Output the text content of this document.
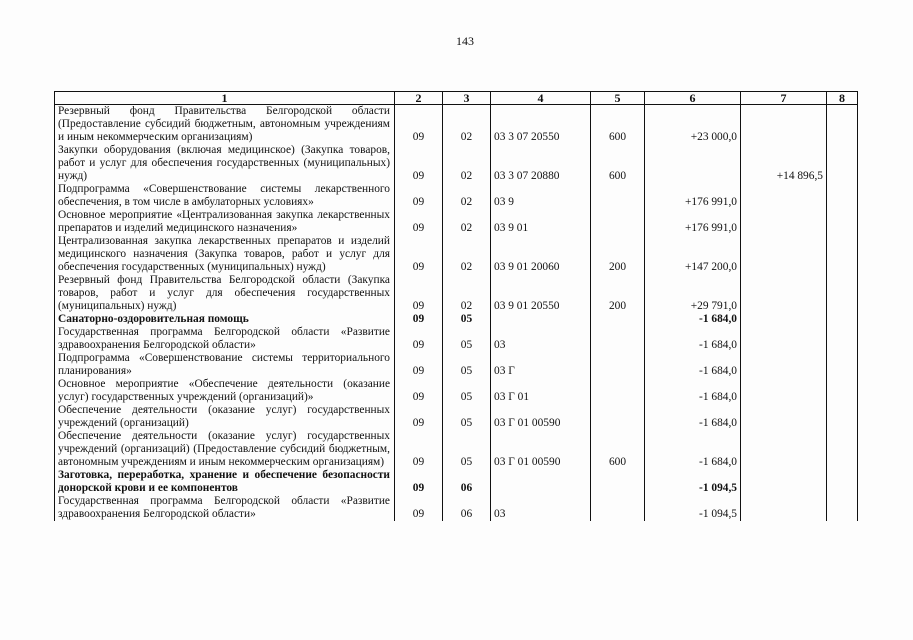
143
1	2	3	4	5	6	7	8
Резервный фонд Правительства Белгородской области (Предоставление субсидий бюджетным, автономным учреждениям и иным некоммерческим организациям)	09	02	03 3 07 20550	600	+23 000,0		
Закупки оборудования (включая медицинское) (Закупка товаров, работ и услуг для обеспечения государственных (муниципальных) нужд)	09	02	03 3 07 20880	600		+14 896,5	
Подпрограмма «Совершенствование системы лекарственного обеспечения, в том числе в амбулаторных условиях»	09	02	03 9		+176 991,0		
Основное мероприятие «Централизованная закупка лекарственных препаратов и изделий медицинского назначения»	09	02	03 9 01		+176 991,0		
Централизованная закупка лекарственных препаратов и изделий медицинского назначения (Закупка товаров, работ и услуг для обеспечения государственных (муниципальных) нужд)	09	02	03 9 01 20060	200	+147 200,0		
Резервный фонд Правительства Белгородской области (Закупка товаров, работ и услуг для обеспечения государственных (муниципальных) нужд)	09	02	03 9 01 20550	200	+29 791,0		
Санаторно-оздоровительная помощь	09	05			-1 684,0		
Государственная программа Белгородской области «Развитие здравоохранения Белгородской области»	09	05	03		-1 684,0		
Подпрограмма «Совершенствование системы территориального планирования»	09	05	03 Г		-1 684,0		
Основное мероприятие «Обеспечение деятельности (оказание услуг) государственных учреждений (организаций)»	09	05	03 Г 01		-1 684,0		
Обеспечение деятельности (оказание услуг) государственных учреждений (организаций)	09	05	03 Г 01 00590		-1 684,0		
Обеспечение деятельности (оказание услуг) государственных учреждений (организаций) (Предоставление субсидий бюджетным, автономным учреждениям и иным некоммерческим организациям)	09	05	03 Г 01 00590	600	-1 684,0		
Заготовка, переработка, хранение и обеспечение безопасности донорской крови и ее компонентов	09	06			-1 094,5		
Государственная программа Белгородской области «Развитие здравоохранения Белгородской области»	09	06	03		-1 094,5		
